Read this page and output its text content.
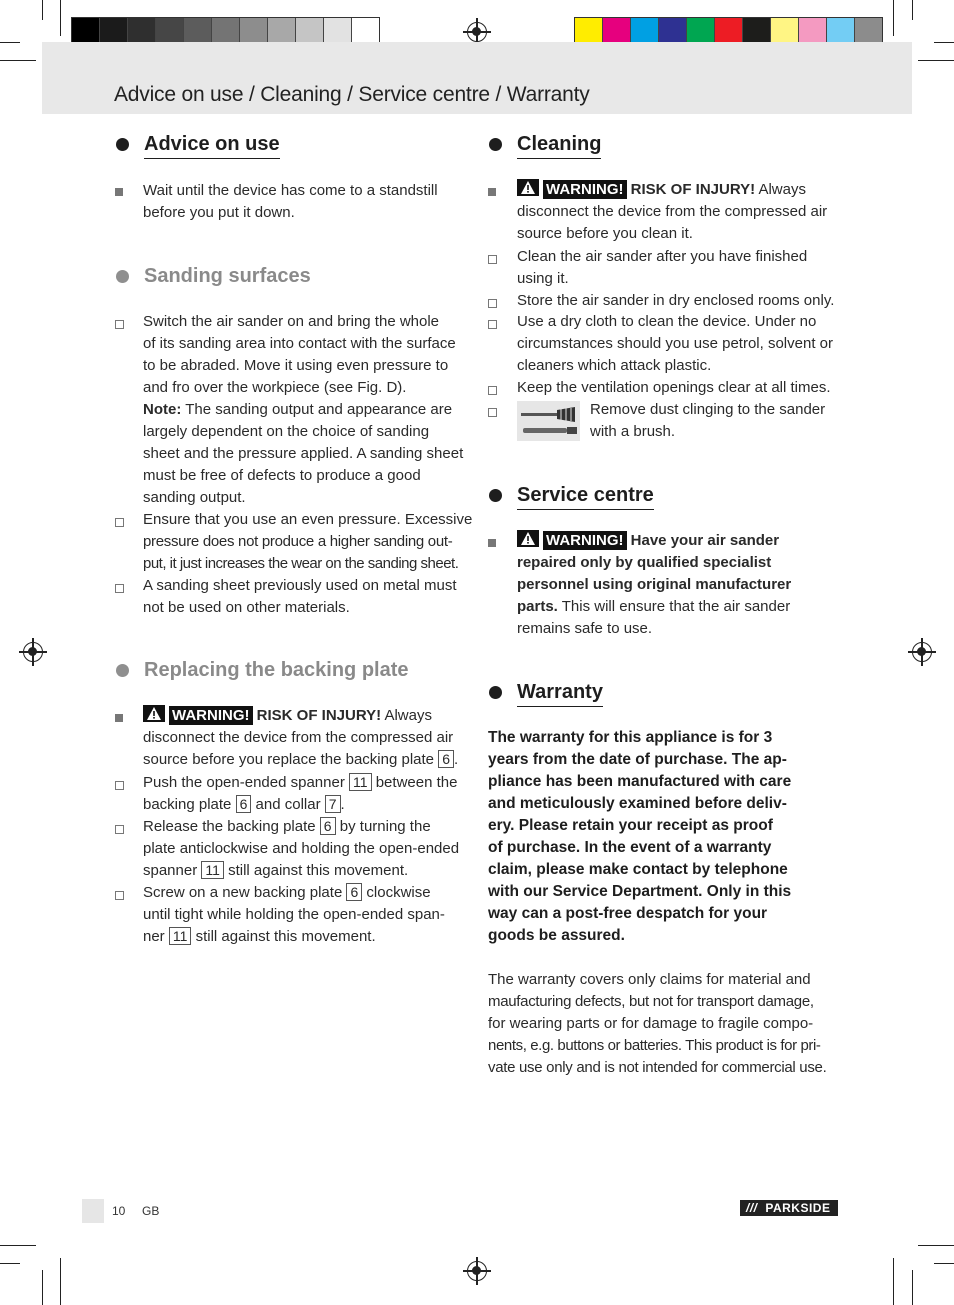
Advice on use / Cleaning / Service centre / Warranty
Advice on use
Wait until the device has come to a standstill
before you put it down.
Sanding surfaces
Switch the air sander on and bring the whole
of its sanding area into contact with the surface
to be abraded. Move it using even pressure to
and fro over the workpiece (see Fig. D).
Note: The sanding output and appearance are
largely dependent on the choice of sanding
sheet and the pressure applied. A sanding sheet
must be free of defects to produce a good
sanding output.
Ensure that you use an even pressure. Excessive
pressure does not produce a higher sanding out-
put, it just increases the wear on the sanding sheet.
A sanding sheet previously used on metal must
not be used on other materials.
Replacing the backing plate
WARNING! RISK OF INJURY! Always
disconnect the device from the compressed air
source before you replace the backing plate 6 .
Push the open-ended spanner 11 between the
backing plate 6 and collar 7 .
Release the backing plate 6 by turning the
plate anticlockwise and holding the open-ended
spanner 11 still against this movement.
Screw on a new backing plate 6 clockwise
until tight while holding the open-ended span-
ner 11 still against this movement.
Cleaning
WARNING! RISK OF INJURY! Always
disconnect the device from the compressed air
source before you clean it.
Clean the air sander after you have finished
using it.
Store the air sander in dry enclosed rooms only.
Use a dry cloth to clean the device. Under no
circumstances should you use petrol, solvent or
cleaners which attack plastic.
Keep the ventilation openings clear at all times.
Remove dust clinging to the sander
with a brush.
Service centre
WARNING! Have your air sander
repaired only by qualified specialist
personnel using original manufacturer
parts. This will ensure that the air sander
remains safe to use.
Warranty
The warranty for this appliance is for 3
years from the date of purchase. The ap-
pliance has been manufactured with care
and meticulously examined before deliv-
ery. Please retain your receipt as proof
of purchase. In the event of a warranty
claim, please make contact by telephone
with our Service Department. Only in this
way can a post-free despatch for your
goods be assured.
The warranty covers only claims for material and
maufacturing defects, but not for transport damage,
for wearing parts or for damage to fragile compo-
nents, e.g. buttons or batteries. This product is for pri-
vate use only and is not intended for commercial use.
10 GB	/// PARKSIDE
